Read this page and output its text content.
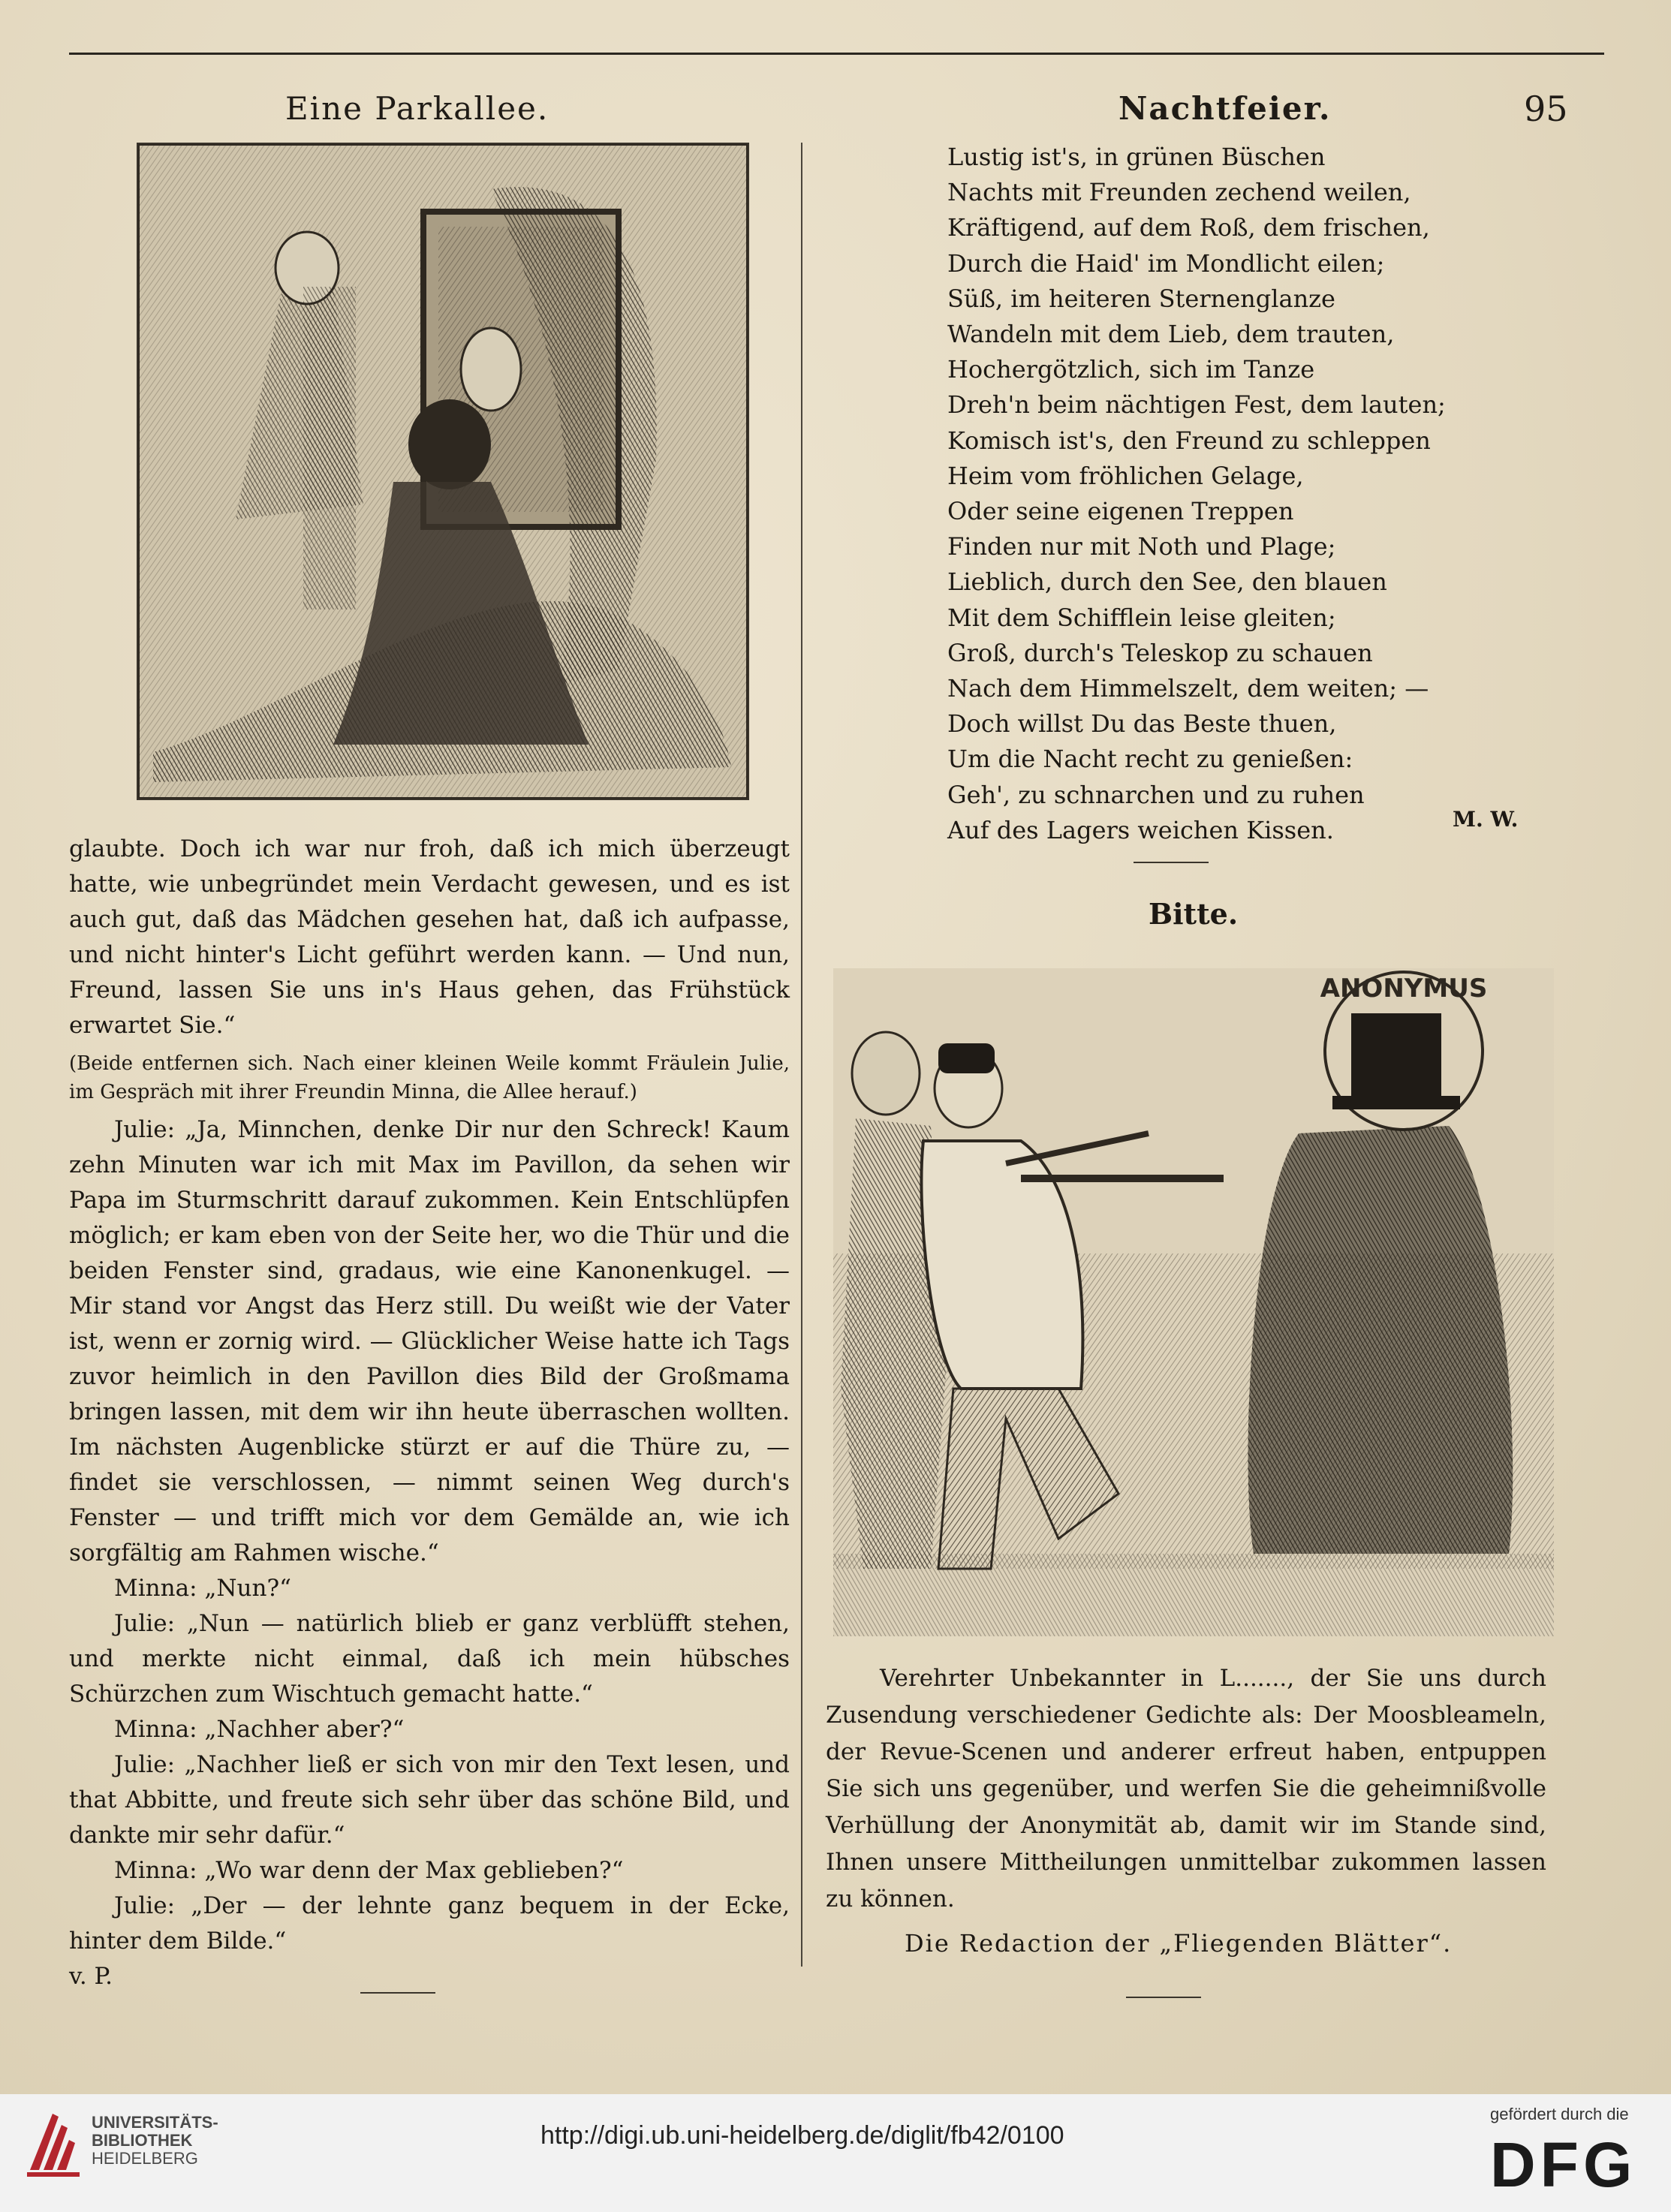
Eine Parkallee.	Nachtfeier.	95

glaubte. Doch ich war nur froh, daß ich mich überzeugt hatte, wie unbegründet mein Verdacht gewesen, und es ist auch gut, daß das Mädchen gesehen hat, daß ich aufpasse, und nicht hinter's Licht geführt werden kann. — Und nun, Freund, lassen Sie uns in's Haus gehen, das Frühstück erwartet Sie.“

(Beide entfernen sich. Nach einer kleinen Weile kommt Fräulein Julie, im Gespräch mit ihrer Freundin Minna, die Allee herauf.)

Julie: „Ja, Minnchen, denke Dir nur den Schreck! Kaum zehn Minuten war ich mit Max im Pavillon, da sehen wir Papa im Sturmschritt darauf zukommen. Kein Entschlüpfen möglich; er kam eben von der Seite her, wo die Thür und die beiden Fenster sind, gradaus, wie eine Kanonenkugel. — Mir stand vor Angst das Herz still. Du weißt wie der Vater ist, wenn er zornig wird. — Glücklicher Weise hatte ich Tags zuvor heimlich in den Pavillon dies Bild der Großmama bringen lassen, mit dem wir ihn heute überraschen wollten. Im nächsten Augenblicke stürzt er auf die Thüre zu, — findet sie verschlossen, — nimmt seinen Weg durch's Fenster — und trifft mich vor dem Gemälde an, wie ich sorgfältig am Rahmen wische.“

Minna: „Nun?“

Julie: „Nun — natürlich blieb er ganz verblüfft stehen, und merkte nicht einmal, daß ich mein hübsches Schürzchen zum Wischtuch gemacht hatte.“

Minna: „Nachher aber?“

Julie: „Nachher ließ er sich von mir den Text lesen, und that Abbitte, und freute sich sehr über das schöne Bild, und dankte mir sehr dafür.“

Minna: „Wo war denn der Max geblieben?“

Julie: „Der — der lehnte ganz bequem in der Ecke, hinter dem Bilde.“

v. P.

Lustig ist's, in grünen Büschen
Nachts mit Freunden zechend weilen,
Kräftigend, auf dem Roß, dem frischen,
Durch die Haid' im Mondlicht eilen;
Süß, im heiteren Sternenglanze
Wandeln mit dem Lieb, dem trauten,
Hochergötzlich, sich im Tanze
Dreh'n beim nächtigen Fest, dem lauten;
Komisch ist's, den Freund zu schleppen
Heim vom fröhlichen Gelage,
Oder seine eigenen Treppen
Finden nur mit Noth und Plage;
Lieblich, durch den See, den blauen
Mit dem Schifflein leise gleiten;
Groß, durch's Teleskop zu schauen
Nach dem Himmelszelt, dem weiten; —
Doch willst Du das Beste thuen,
Um die Nacht recht zu genießen:
Geh', zu schnarchen und zu ruhen
Auf des Lagers weichen Kissen.	M. W.
Bitte.
ANONYMUS

Verehrter Unbekannter in L......., der Sie uns durch Zusendung verschiedener Gedichte als: Der Moosbleameln, der Revue-Scenen und anderer erfreut haben, entpuppen Sie sich uns gegenüber, und werfen Sie die geheimnißvolle Verhüllung der Anonymität ab, damit wir im Stande sind, Ihnen unsere Mittheilungen unmittelbar zukommen lassen zu können.

Die Redaction der „Fliegenden Blätter“.
UNIVERSITÄTS-
BIBLIOTHEK
HEIDELBERG
http://digi.ub.uni-heidelberg.de/diglit/fb42/0100
gefördert durch die
DFG
